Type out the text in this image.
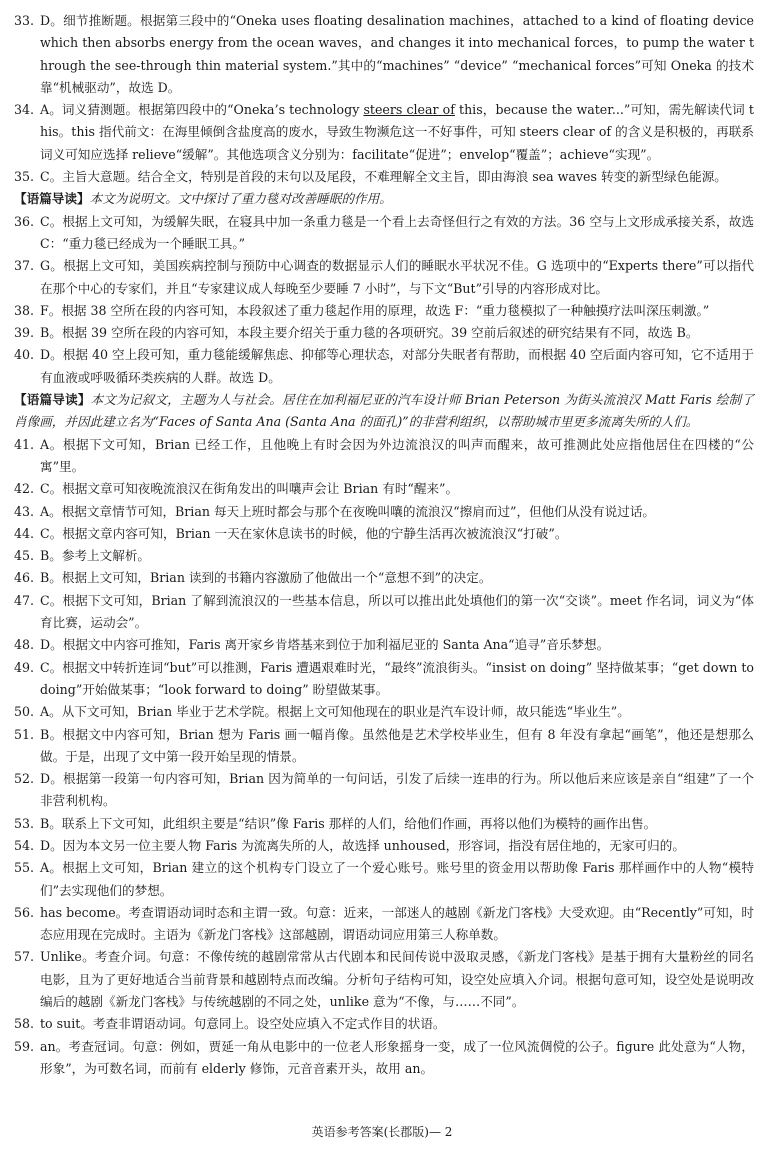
33. D。细节推断题。根据第三段中的“Oneka uses floating desalination machines，attached to a kind of floating device which then absorbs energy from the ocean waves，and changes it into mechanical forces，to pump the water through the see-through thin material system.”其中的“machines” “device” “mechanical forces”可知 Oneka 的技术靠“机械驱动”，故选 D。
34. A。词义猜测题。根据第四段中的“Oneka’s technology steers clear of this，because the water...”可知，需先解读代词 this。this 指代前文：在海里倾倒含盐度高的废水，导致生物濒危这一不好事件，可知 steers clear of 的含义是积极的，再联系词义可知应选择 relieve“缓解”。其他选项含义分别为：facilitate“促进”；envelop“覆盖”；achieve“实现”。
35. C。主旨大意题。结合全文，特别是首段的末句以及尾段，不难理解全文主旨，即由海浪 sea waves 转变的新型绿色能源。
【语篇导读】本文为说明文。文中探讨了重力毯对改善睡眠的作用。
36. C。根据上文可知，为缓解失眠，在寝具中加一条重力毯是一个看上去奇怪但行之有效的方法。36 空与上文形成承接关系，故选 C：“重力毯已经成为一个睡眠工具。”
37. G。根据上文可知，美国疾病控制与预防中心调查的数据显示人们的睡眠水平状况不佳。G 选项中的“Experts there”可以指代在那个中心的专家们，并且“专家建议成人每晚至少要睡 7 小时”，与下文“But”引导的内容形成对比。
38. F。根据 38 空所在段的内容可知，本段叙述了重力毯起作用的原理，故选 F：“重力毯模拟了一种触摸疗法叫深压刺激。”
39. B。根据 39 空所在段的内容可知，本段主要介绍关于重力毯的各项研究。39 空前后叙述的研究结果有不同，故选 B。
40. D。根据 40 空上段可知，重力毯能缓解焦虑、抑郁等心理状态，对部分失眠者有帮助，而根据 40 空后面内容可知，它不适用于有血液或呼吸循环类疾病的人群。故选 D。
【语篇导读】本文为记叙文，主题为人与社会。居住在加利福尼亚的汽车设计师 Brian Peterson 为街头流浪汉 Matt Faris 绘制了肖像画，并因此建立名为“Faces of Santa Ana (Santa Ana 的面孔)”的非营利组织，以帮助城市里更多流离失所的人们。
41. A。根据下文可知，Brian 已经工作，且他晚上有时会因为外边流浪汉的叫声而醒来，故可推测此处应指他居住在四楼的“公寓”里。
42. C。根据文章可知夜晚流浪汉在街角发出的叫嚷声会让 Brian 有时“醒来”。
43. A。根据文章情节可知，Brian 每天上班时都会与那个在夜晚叫嚷的流浪汉“擦肩而过”，但他们从没有说过话。
44. C。根据文章内容可知，Brian 一天在家休息读书的时候，他的宁静生活再次被流浪汉“打破”。
45. B。参考上文解析。
46. B。根据上文可知，Brian 读到的书籍内容激励了他做出一个“意想不到”的决定。
47. C。根据下文可知，Brian 了解到流浪汉的一些基本信息，所以可以推出此处填他们的第一次“交谈”。meet 作名词，词义为“体育比赛，运动会”。
48. D。根据文中内容可推知，Faris 离开家乡肯塔基来到位于加利福尼亚的 Santa Ana“追寻”音乐梦想。
49. C。根据文中转折连词“but”可以推测，Faris 遭遇艰难时光，“最终”流浪街头。“insist on doing” 坚持做某事；“get down to doing”开始做某事；“look forward to doing” 盼望做某事。
50. A。从下文可知，Brian 毕业于艺术学院。根据上文可知他现在的职业是汽车设计师，故只能选“毕业生”。
51. B。根据文中内容可知，Brian 想为 Faris 画一幅肖像。虽然他是艺术学校毕业生，但有 8 年没有拿起“画笔”，他还是想那么做。于是，出现了文中第一段开始呈现的情景。
52. D。根据第一段第一句内容可知，Brian 因为简单的一句问话，引发了后续一连串的行为。所以他后来应该是亲自“组建”了一个非营利机构。
53. B。联系上下文可知，此组织主要是“结识”像 Faris 那样的人们，给他们作画，再将以他们为模特的画作出售。
54. D。因为本文另一位主要人物 Faris 为流离失所的人，故选择 unhoused，形容词，指没有居住地的，无家可归的。
55. A。根据上文可知，Brian 建立的这个机构专门设立了一个爱心账号。账号里的资金用以帮助像 Faris 那样画作中的人物“模特们”去实现他们的梦想。
56. has become。考查谓语动词时态和主谓一致。句意：近来，一部迷人的越剧《新龙门客栈》大受欢迎。由“Recently”可知，时态应用现在完成时。主语为《新龙门客栈》这部越剧，谓语动词应用第三人称单数。
57. Unlike。考查介词。句意：不像传统的越剧常常从古代剧本和民间传说中汲取灵感，《新龙门客栈》是基于拥有大量粉丝的同名电影，且为了更好地适合当前背景和越剧特点而改编。分析句子结构可知，设空处应填入介词。根据句意可知，设空处是说明改编后的越剧《新龙门客栈》与传统越剧的不同之处，unlike 意为“不像，与……不同”。
58. to suit。考查非谓语动词。句意同上。设空处应填入不定式作目的状语。
59. an。考查冠词。句意：例如，贾延一角从电影中的一位老人形象摇身一变，成了一位风流倜傥的公子。figure 此处意为“人物，形象”，为可数名词，而前有 elderly 修饰，元音音素开头，故用 an。
英语参考答案(长郡版)— 2
